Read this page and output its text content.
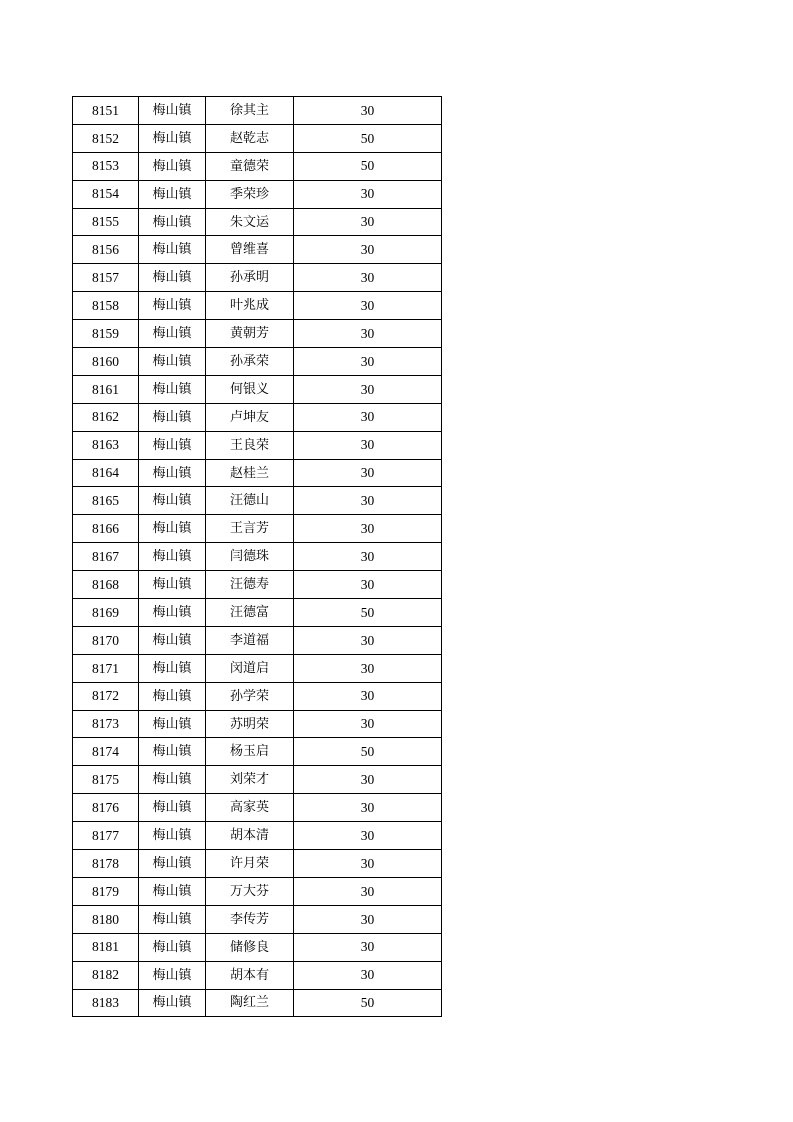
8151	梅山镇	徐其主	30
8152	梅山镇	赵乾志	50
8153	梅山镇	童德荣	50
8154	梅山镇	季荣珍	30
8155	梅山镇	朱文运	30
8156	梅山镇	曾维喜	30
8157	梅山镇	孙承明	30
8158	梅山镇	叶兆成	30
8159	梅山镇	黄朝芳	30
8160	梅山镇	孙承荣	30
8161	梅山镇	何银义	30
8162	梅山镇	卢坤友	30
8163	梅山镇	王良荣	30
8164	梅山镇	赵桂兰	30
8165	梅山镇	汪德山	30
8166	梅山镇	王言芳	30
8167	梅山镇	闫德珠	30
8168	梅山镇	汪德寿	30
8169	梅山镇	汪德富	50
8170	梅山镇	李道福	30
8171	梅山镇	闵道启	30
8172	梅山镇	孙学荣	30
8173	梅山镇	苏明荣	30
8174	梅山镇	杨玉启	50
8175	梅山镇	刘荣才	30
8176	梅山镇	高家英	30
8177	梅山镇	胡本清	30
8178	梅山镇	许月荣	30
8179	梅山镇	万大芬	30
8180	梅山镇	李传芳	30
8181	梅山镇	储修良	30
8182	梅山镇	胡本有	30
8183	梅山镇	陶红兰	50
